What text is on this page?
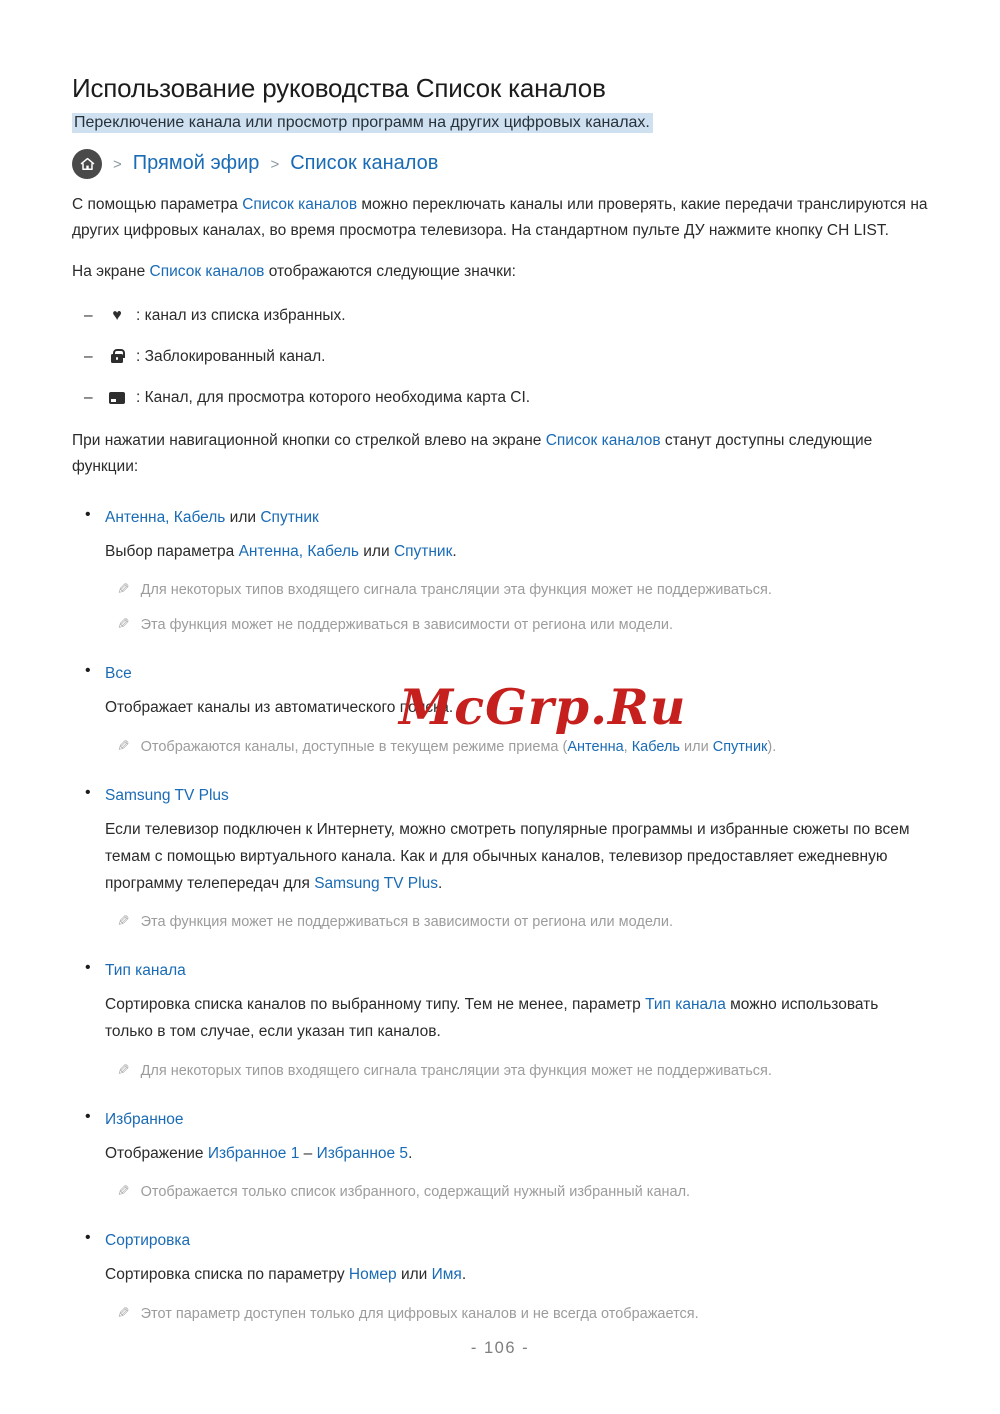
Использование руководства Список каналов
Переключение канала или просмотр программ на других цифровых каналах.
> Прямой эфир > Список каналов

С помощью параметра Список каналов можно переключать каналы или проверять, какие передачи транслируются на других цифровых каналах, во время просмотра телевизора. На стандартном пульте ДУ нажмите кнопку CH LIST.

На экране Список каналов отображаются следующие значки:

–	♥ : канал из списка избранных.
–	: Заблокированный канал.
–	: Канал, для просмотра которого необходима карта CI.

При нажатии навигационной кнопки со стрелкой влево на экране Список каналов станут доступны следующие функции:

• Антенна, Кабель или Спутник

Выбор параметра Антенна, Кабель или Спутник.

✎ Для некоторых типов входящего сигнала трансляции эта функция может не поддерживаться.
✎ Эта функция может не поддерживаться в зависимости от региона или модели.
• Все

Отображает каналы из автоматического поиска.

✎ Отображаются каналы, доступные в текущем режиме приема (Антенна, Кабель или Спутник).
• Samsung TV Plus

Если телевизор подключен к Интернету, можно смотреть популярные программы и избранные сюжеты по всем темам с помощью виртуального канала. Как и для обычных каналов, телевизор предоставляет ежедневную программу телепередач для Samsung TV Plus.

✎ Эта функция может не поддерживаться в зависимости от региона или модели.
• Тип канала

Сортировка списка каналов по выбранному типу. Тем не менее, параметр Тип канала можно использовать только в том случае, если указан тип каналов.

✎ Для некоторых типов входящего сигнала трансляции эта функция может не поддерживаться.
• Избранное

Отображение Избранное 1 – Избранное 5.

✎ Отображается только список избранного, содержащий нужный избранный канал.
• Сортировка

Сортировка списка по параметру Номер или Имя.

✎ Этот параметр доступен только для цифровых каналов и не всегда отображается.
McGrp.Ru
- 106 -
